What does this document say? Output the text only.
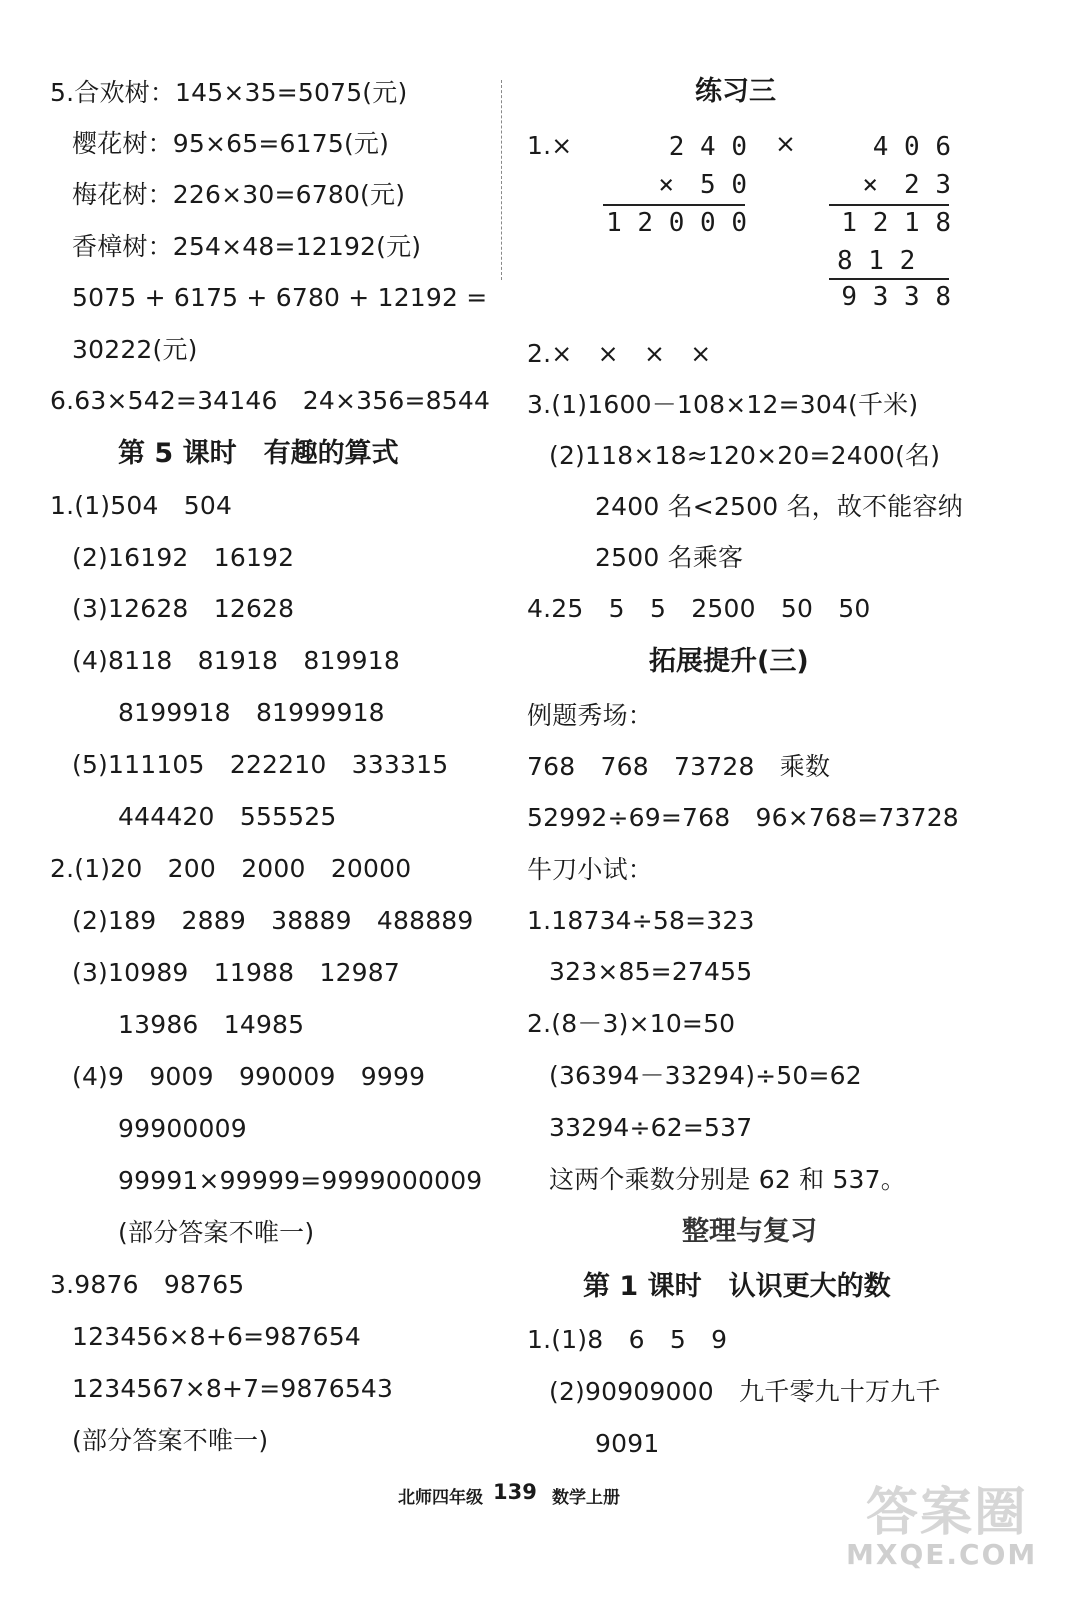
5.合欢树：145×35=5075(元)
樱花树：95×65=6175(元)
梅花树：226×30=6780(元)
香樟树：254×48=12192(元)
5075 + 6175 + 6780 + 12192 =
30222(元)
6.63×542=34146　24×356=8544
第 5 课时　有趣的算式
1.(1)504　504
(2)16192　16192
(3)12628　12628
(4)8118　81918　819918
8199918　81999918
(5)111105　222210　333315
444420　555525
2.(1)20　200　2000　20000
(2)189　2889　38889　488889
(3)10989　11988　12987
13986　14985
(4)9　9009　990009　9999
99900009
99991×99999=9999000009
(部分答案不唯一)
3.9876　98765
123456×8+6=987654
1234567×8+7=9876543
(部分答案不唯一)
练习三
1.×	×
2 4 0
×　5 0
1 2 0 0 0
4 0 6
×　2 3
1 2 1 8
8 1 2
9 3 3 8
2.×　×　×　×
3.(1)1600－108×12=304(千米)
(2)118×18≈120×20=2400(名)
2400 名<2500 名，故不能容纳
2500 名乘客
4.25　5　5　2500　50　50
拓展提升(三)
例题秀场：
768　768　73728　乘数
52992÷69=768　96×768=73728
牛刀小试：
1.18734÷58=323
323×85=27455
2.(8－3)×10=50
(36394－33294)÷50=62
33294÷62=537
这两个乘数分别是 62 和 537。
整理与复习
第 1 课时　认识更大的数
1.(1)8　6　5　9
(2)90909000　九千零九十万九千
9091
北师四年级 139 数学上册	答案圈
MXQE.COM
